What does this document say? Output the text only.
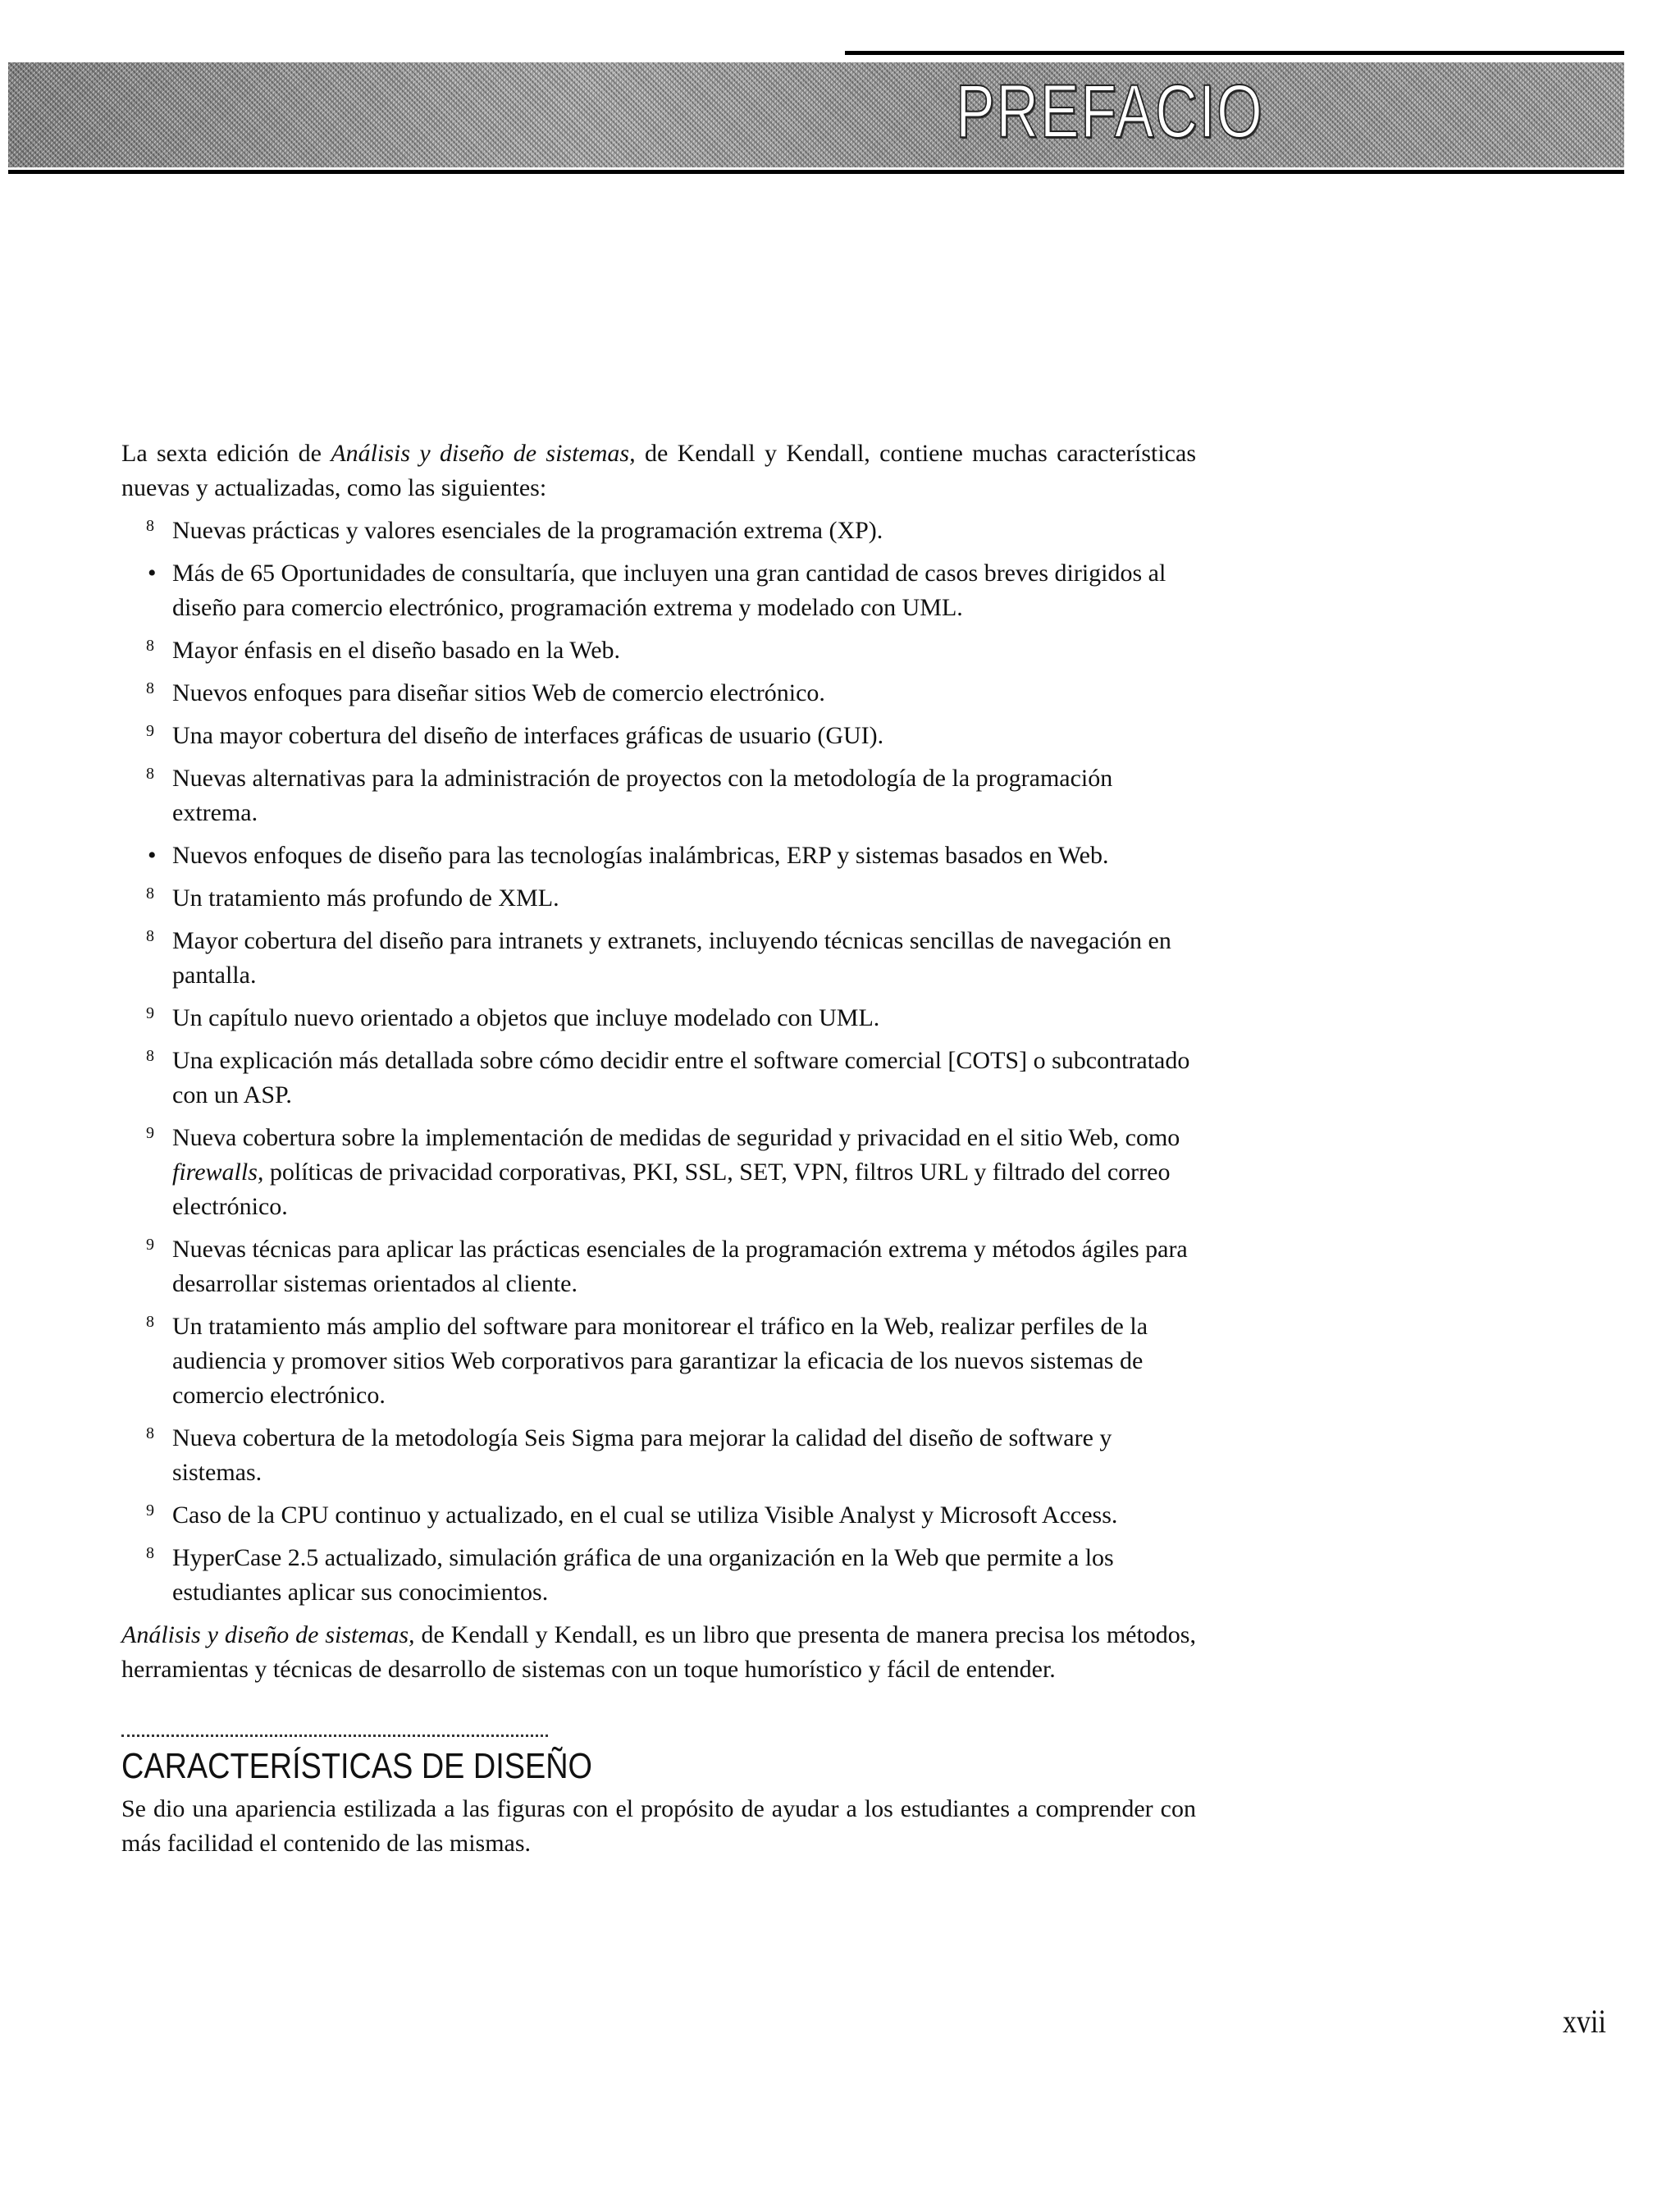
PREFACIO

La sexta edición de Análisis y diseño de sistemas, de Kendall y Kendall, contiene muchas características nuevas y actualizadas, como las siguientes:

8 Nuevas prácticas y valores esenciales de la programación extrema (XP).
• Más de 65 Oportunidades de consultaría, que incluyen una gran cantidad de casos breves dirigidos al diseño para comercio electrónico, programación extrema y modelado con UML.
8 Mayor énfasis en el diseño basado en la Web.
8 Nuevos enfoques para diseñar sitios Web de comercio electrónico.
9 Una mayor cobertura del diseño de interfaces gráficas de usuario (GUI).
8 Nuevas alternativas para la administración de proyectos con la metodología de la programación extrema.
• Nuevos enfoques de diseño para las tecnologías inalámbricas, ERP y sistemas basados en Web.
8 Un tratamiento más profundo de XML.
8 Mayor cobertura del diseño para intranets y extranets, incluyendo técnicas sencillas de navegación en pantalla.
9 Un capítulo nuevo orientado a objetos que incluye modelado con UML.
8 Una explicación más detallada sobre cómo decidir entre el software comercial [COTS] o subcontratado con un ASP.
9 Nueva cobertura sobre la implementación de medidas de seguridad y privacidad en el sitio Web, como firewalls, políticas de privacidad corporativas, PKI, SSL, SET, VPN, filtros URL y filtrado del correo electrónico.
9 Nuevas técnicas para aplicar las prácticas esenciales de la programación extrema y métodos ágiles para desarrollar sistemas orientados al cliente.
8 Un tratamiento más amplio del software para monitorear el tráfico en la Web, realizar perfiles de la audiencia y promover sitios Web corporativos para garantizar la eficacia de los nuevos sistemas de comercio electrónico.
8 Nueva cobertura de la metodología Seis Sigma para mejorar la calidad del diseño de software y sistemas.
9 Caso de la CPU continuo y actualizado, en el cual se utiliza Visible Analyst y Microsoft Access.
8 HyperCase 2.5 actualizado, simulación gráfica de una organización en la Web que permite a los estudiantes aplicar sus conocimientos.

Análisis y diseño de sistemas, de Kendall y Kendall, es un libro que presenta de manera precisa los métodos, herramientas y técnicas de desarrollo de sistemas con un toque humorístico y fácil de entender.

CARACTERÍSTICAS DE DISEÑO

Se dio una apariencia estilizada a las figuras con el propósito de ayudar a los estudiantes a comprender con más facilidad el contenido de las mismas.

xvii
